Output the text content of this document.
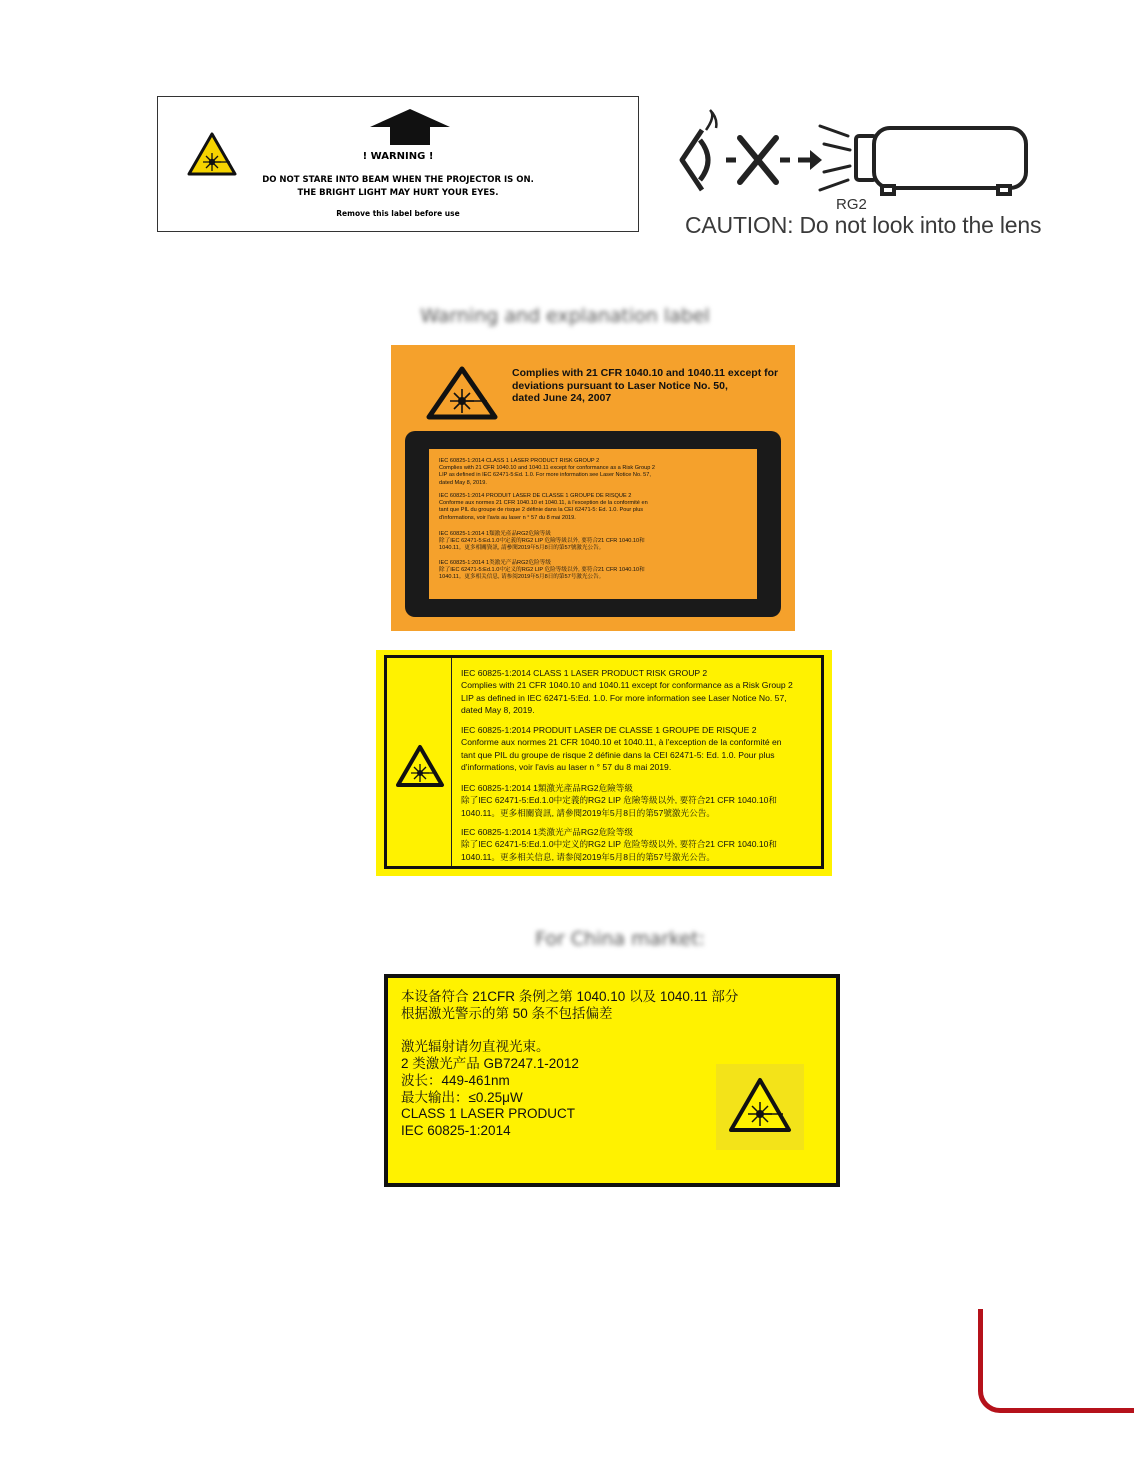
! WARNING !
DO NOT STARE INTO BEAM WHEN THE PROJECTOR IS ON.
THE BRIGHT LIGHT MAY HURT YOUR EYES.
Remove this label before use
RG2
CAUTION: Do not look into the lens
Warning and explanation label
Complies with 21 CFR 1040.10 and 1040.11 except for
deviations pursuant to Laser Notice No. 50,
dated June 24, 2007
IEC 60825-1:2014 CLASS 1 LASER PRODUCT RISK GROUP 2
Complies with 21 CFR 1040.10 and 1040.11 except for conformance as a Risk Group 2
LIP as defined in IEC 62471-5:Ed. 1.0. For more information see Laser Notice No. 57,
dated May 8, 2019.
IEC 60825-1:2014 PRODUIT LASER DE CLASSE 1 GROUPE DE RISQUE 2
Conforme aux normes 21 CFR 1040.10 et 1040.11, à l'exception de la conformité en
tant que PIL du groupe de risque 2 définie dans la CEI 62471-5: Ed. 1.0. Pour plus
d'informations, voir l'avis au laser n ° 57 du 8 mai 2019.
IEC 60825-1:2014 1類激光產品RG2危險等級
除了IEC 62471-5:Ed.1.0中定義的RG2 LIP 危險等級以外, 要符合21 CFR 1040.10和
1040.11。更多相關資訊, 請參閱2019年5月8日的第57號激光公告。
IEC 60825-1:2014 1类激光产品RG2危险等级
除了IEC 62471-5:Ed.1.0中定义的RG2 LIP 危险等级以外, 要符合21 CFR 1040.10和
1040.11。更多相关信息, 请参阅2019年5月8日的第57号激光公告。
IEC 60825-1:2014 CLASS 1 LASER PRODUCT RISK GROUP 2
Complies with 21 CFR 1040.10 and 1040.11 except for conformance as a Risk Group 2
LIP as defined in IEC 62471-5:Ed. 1.0. For more information see Laser Notice No. 57,
dated May 8, 2019.
IEC 60825-1:2014 PRODUIT LASER DE CLASSE 1 GROUPE DE RISQUE 2
Conforme aux normes 21 CFR 1040.10 et 1040.11, à l'exception de la conformité en
tant que PIL du groupe de risque 2 définie dans la CEI 62471-5: Ed. 1.0. Pour plus
d'informations, voir l'avis au laser n ° 57 du 8 mai 2019.
IEC 60825-1:2014 1類激光產品RG2危險等級
除了IEC 62471-5:Ed.1.0中定義的RG2 LIP 危險等級以外, 要符合21 CFR 1040.10和
1040.11。更多相關資訊, 請參閱2019年5月8日的第57號激光公告。
IEC 60825-1:2014 1类激光产品RG2危险等级
除了IEC 62471-5:Ed.1.0中定义的RG2 LIP 危险等级以外, 要符合21 CFR 1040.10和
1040.11。更多相关信息, 请参阅2019年5月8日的第57号激光公告。
For China market:
本设备符合 21CFR 条例之第 1040.10 以及 1040.11 部分
根据激光警示的第 50 条不包括偏差
激光辐射请勿直视光束。
2 类激光产品 GB7247.1-2012
波长：449-461nm
最大输出：≤0.25μW
CLASS 1 LASER PRODUCT
IEC 60825-1:2014
